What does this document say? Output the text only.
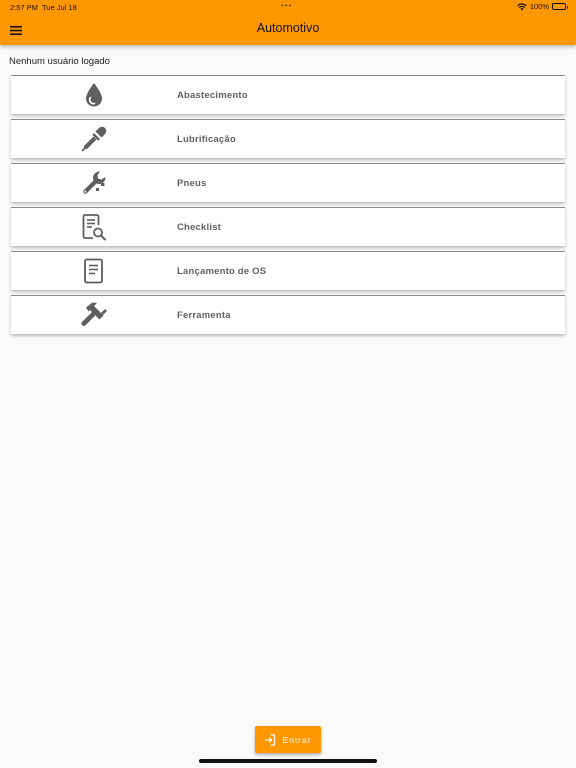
2:57 PM Tue Jul 18	•••	100%
Automotivo
Nenhum usuário logado
Abastecimento
Lubrificação
Pneus
Checklist
Lançamento de OS
Ferramenta
Entrar
